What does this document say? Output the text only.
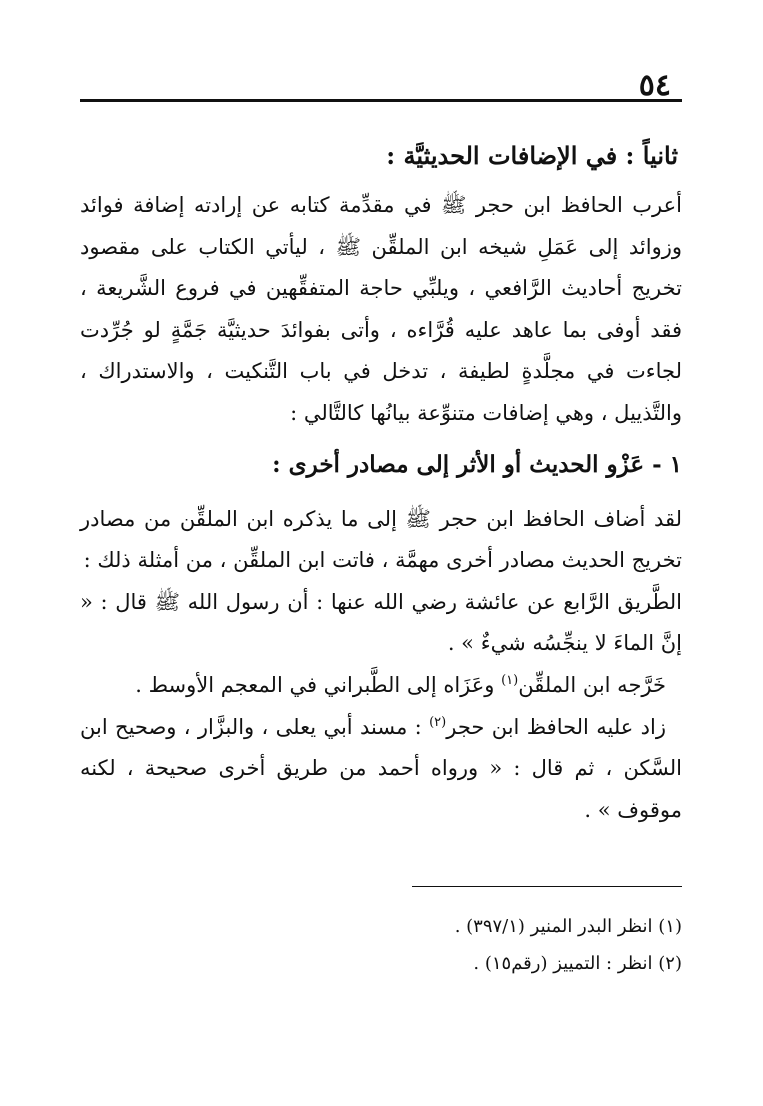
٥٤
ثانياً : في الإضافات الحديثيَّة :

أعرب الحافظ ابن حجر ﷺ في مقدِّمة كتابه عن إرادته إضافة فوائد وزوائد إلى عَمَلِ شيخه ابن الملقِّن ﷺ ، ليأتي الكتاب على مقصود تخريج أحاديث الرَّافعي ، ويلبِّي حاجة المتفقِّهين في فروع الشَّريعة ، فقد أوفى بما عاهد عليه قُرَّاءه ، وأتى بفوائدَ حديثيَّة جَمَّةٍ لو جُرِّدت لجاءت في مجلَّدةٍ لطيفة ، تدخل في باب التَّنكيت ، والاستدراك ، والتَّذييل ، وهي إضافات متنوِّعة بيانُها كالتَّالي :

١ - عَزْو الحديث أو الأثر إلى مصادر أخرى :

لقد أضاف الحافظ ابن حجر ﷺ إلى ما يذكره ابن الملقِّن من مصادر تخريج الحديث مصادر أخرى مهمَّة ، فاتت ابن الملقِّن ، من أمثلة ذلك :

الطَّريق الرَّابع عن عائشة رضي الله عنها : أن رسول الله ﷺ قال : « إنَّ الماءَ لا ينجِّسُه شيءٌ » .

خَرَّجه ابن الملقِّن$^{(١)}$ وعَزَاه إلى الطَّبراني في المعجم الأوسط .

زاد عليه الحافظ ابن حجر$^{(٢)}$ : مسند أبي يعلى ، والبزَّار ، وصحيح ابن السَّكن ، ثم قال : « ورواه أحمد من طريق أخرى صحيحة ، لكنه موقوف » .

(١) انظر البدر المنير (٣٩٧/١) .

(٢) انظر : التمييز (رقم١٥) .
